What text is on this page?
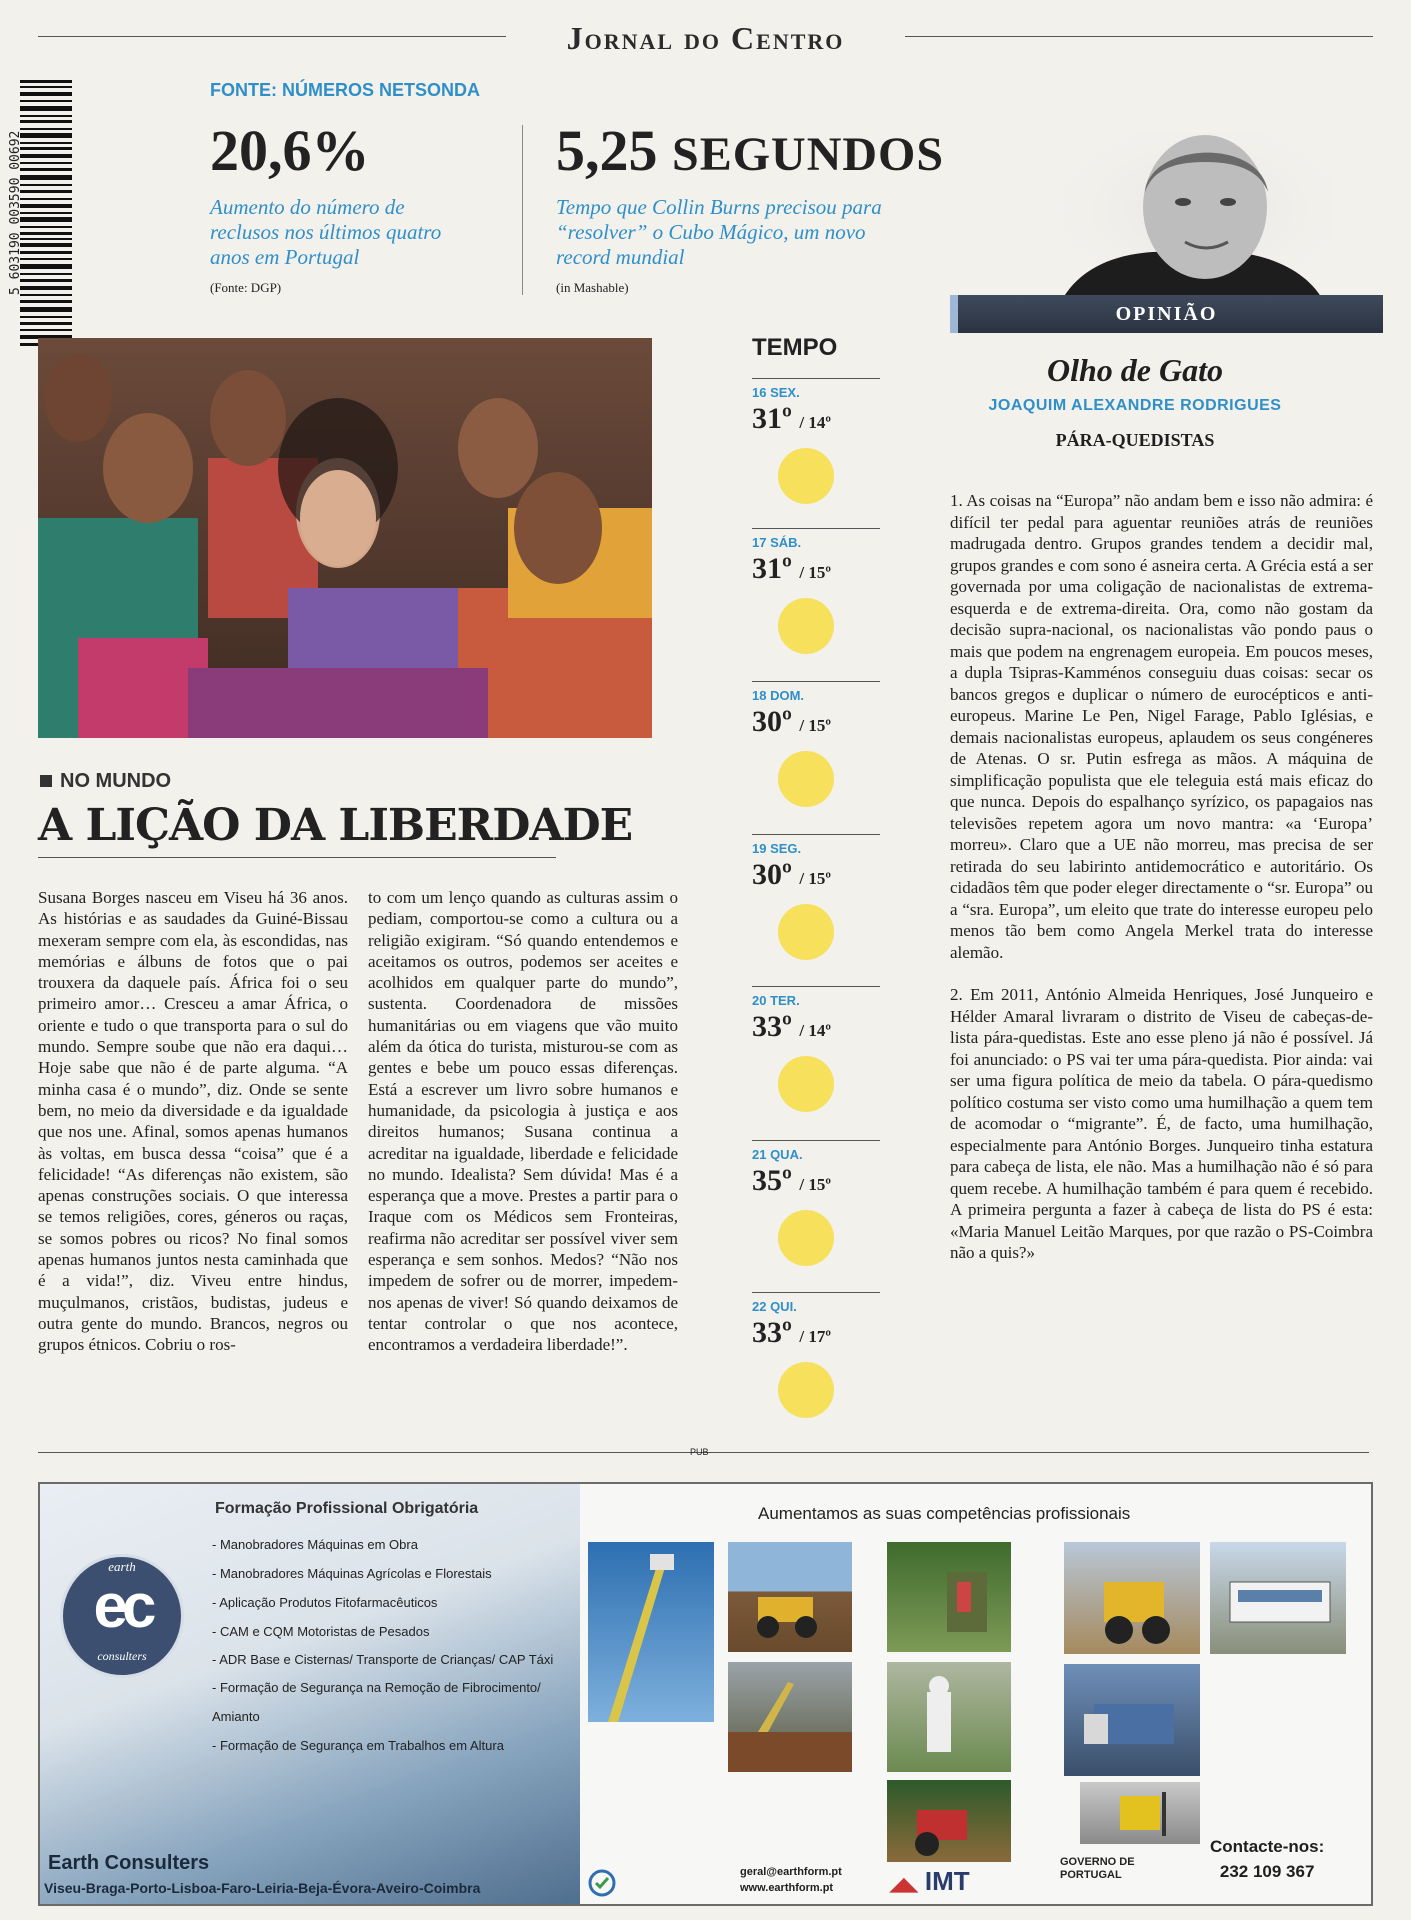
Jornal do Centro
5 603190 003590 00692
FONTE: NÚMEROS NETSONDA
20,6%
Aumento do número de
reclusos nos últimos quatro
anos em Portugal
(Fonte: DGP)
5,25 SEGUNDOS
Tempo que Collin Burns precisou para
“resolver” o Cubo Mágico, um novo
record mundial
(in Mashable)
NO MUNDO
A LIÇÃO DA LIBERDADE
Susana Borges nasceu em Viseu há 36 anos. As histórias e as saudades da Guiné-Bissau mexeram sempre com ela, às escondidas, nas memórias e álbuns de fotos que o pai trouxera da daquele país. África foi o seu primeiro amor… Cresceu a amar África, o oriente e tudo o que transporta para o sul do mundo. Sempre soube que não era daqui… Hoje sabe que não é de parte alguma. “A minha casa é o mundo”, diz. Onde se sente bem, no meio da diversidade e da igualdade que nos une. Afinal, somos apenas humanos às voltas, em busca dessa “coisa” que é a felicidade! “As diferenças não existem, são apenas construções sociais. O que interessa se temos religiões, cores, géneros ou raças, se somos pobres ou ricos? No final somos apenas humanos juntos nesta caminhada que é a vida!”, diz. Viveu entre hindus, muçulmanos, cristãos, budistas, judeus e outra gente do mundo. Brancos, negros ou grupos étnicos. Cobriu o ros-
to com um lenço quando as culturas assim o pediam, comportou-se como a cultura ou a religião exigiram. “Só quando entendemos e aceitamos os outros, podemos ser aceites e acolhidos em qualquer parte do mundo”, sustenta. Coordenadora de missões humanitárias ou em viagens que vão muito além da ótica do turista, misturou-se com as gentes e bebe um pouco essas diferenças. Está a escrever um livro sobre humanos e humanidade, da psicologia à justiça e aos direitos humanos; Susana continua a acreditar na igualdade, liberdade e felicidade no mundo. Idealista? Sem dúvida! Mas é a esperança que a move. Prestes a partir para o Iraque com os Médicos sem Fronteiras, reafirma não acreditar ser possível viver sem esperança e sem sonhos. Medos? “Não nos impedem de sofrer ou de morrer, impedem-nos apenas de viver! Só quando deixamos de tentar controlar o que nos acontece, encontramos a verdadeira liberdade!”.
TEMPO
16 SEX.
31º / 14º
17 SÁB.
31º / 15º
18 DOM.
30º / 15º
19 SEG.
30º / 15º
20 TER.
33º / 14º
21 QUA.
35º / 15º
22 QUI.
33º / 17º
OPINIÃO
Olho de Gato
JOAQUIM ALEXANDRE RODRIGUES
PÁRA-QUEDISTAS

1. As coisas na “Europa” não andam bem e isso não admira: é difícil ter pedal para aguentar reuniões atrás de reuniões madrugada dentro. Grupos grandes tendem a decidir mal, grupos grandes e com sono é asneira certa. A Grécia está a ser governada por uma coligação de nacionalistas de extrema-esquerda e de extrema-direita. Ora, como não gostam da decisão supra-nacional, os nacionalistas vão pondo paus o mais que podem na engrenagem europeia. Em poucos meses, a dupla Tsipras-Kamménos conseguiu duas coisas: secar os bancos gregos e duplicar o número de eurocépticos e anti-europeus. Marine Le Pen, Nigel Farage, Pablo Iglésias, e demais nacionalistas europeus, aplaudem os seus congéneres de Atenas. O sr. Putin esfrega as mãos. A máquina de simplificação populista que ele teleguia está mais eficaz do que nunca. Depois do espalhanço syrízico, os papagaios nas televisões repetem agora um novo mantra: «a ‘Europa’ morreu». Claro que a UE não morreu, mas precisa de ser retirada do seu labirinto antidemocrático e autoritário. Os cidadãos têm que poder eleger directamente o “sr. Europa” ou a “sra. Europa”, um eleito que trate do interesse europeu pelo menos tão bem como Angela Merkel trata do interesse alemão.

2. Em 2011, António Almeida Henriques, José Junqueiro e Hélder Amaral livraram o distrito de Viseu de cabeças-de-lista pára-quedistas. Este ano esse pleno já não é possível. Já foi anunciado: o PS vai ter uma pára-quedista. Pior ainda: vai ser uma figura política de meio da tabela. O pára-quedismo político costuma ser visto como uma humilhação a quem tem de acomodar o “migrante”. É, de facto, uma humilhação, especialmente para António Borges. Junqueiro tinha estatura para cabeça de lista, ele não. Mas a humilhação não é só para quem recebe. A humilhação também é para quem é recebido. A primeira pergunta a fazer à cabeça de lista do PS é esta: «Maria Manuel Leitão Marques, por que razão o PS-Coimbra não a quis?»

PUB
Formação Profissional Obrigatória
- Manobradores Máquinas em Obra
- Manobradores Máquinas Agrícolas e Florestais
- Aplicação Produtos Fitofarmacêuticos
- CAM e CQM Motoristas de Pesados
- ADR Base e Cisternas/ Transporte de Crianças/ CAP Táxi
- Formação de Segurança na Remoção de Fibrocimento/ Amianto
- Formação de Segurança em Trabalhos em Altura
earth
ec
consulters
Earth Consulters
Viseu-Braga-Porto-Lisboa-Faro-Leiria-Beja-Évora-Aveiro-Coimbra
Aumentamos as suas competências profissionais
geral@earthform.pt
www.earthform.pt	◢◣ IMT
GOVERNO DE
PORTUGAL
Contacte-nos:
232 109 367
